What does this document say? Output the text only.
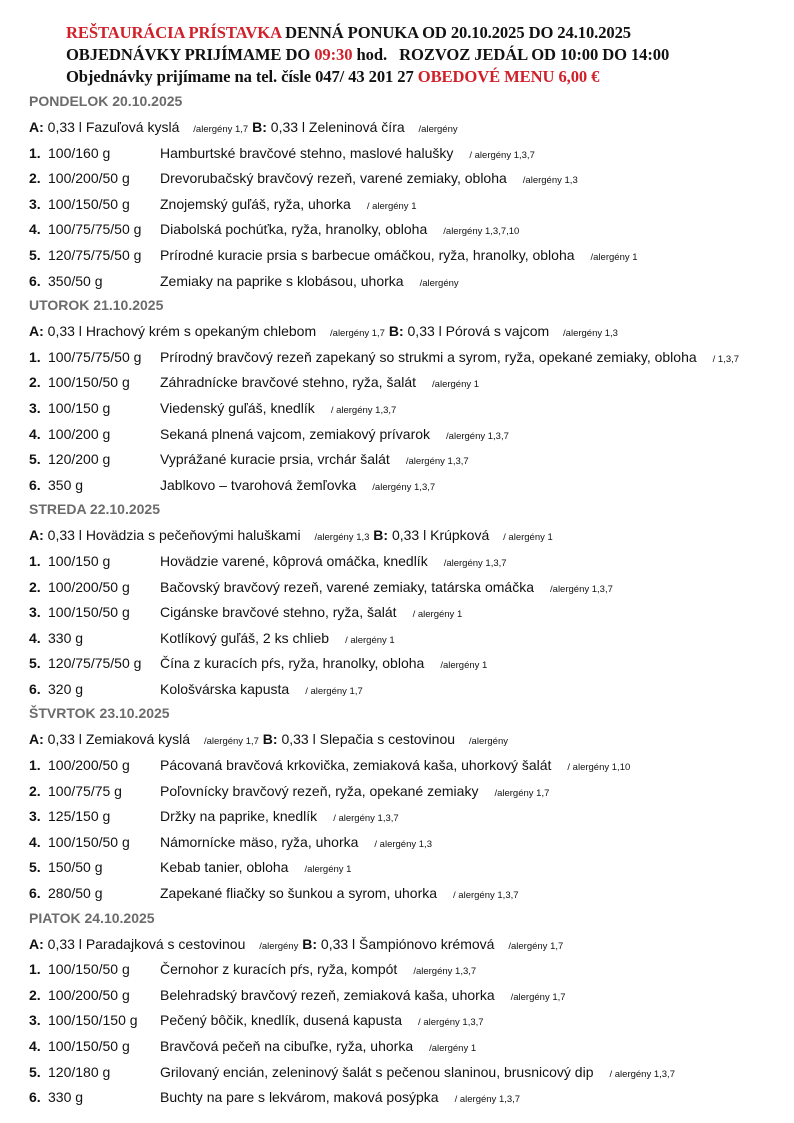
REŠTAURÁCIA PRÍSTAVKA DENNÁ PONUKA OD 20.10.2025 DO 24.10.2025
OBJEDNÁVKY PRIJÍMAME DO 09:30 hod. ROZVOZ JEDÁL OD 10:00 DO 14:00
Objednávky prijímame na tel. čísle 047/ 43 201 27 OBEDOVÉ MENU 6,00 €
PONDELOK 20.10.2025
A: 0,33 l Fazuľová kyslá /alergény 1,7 B: 0,33 l Zeleninová číra /alergény
1. 100/160 g	Hamburtské bravčové stehno, maslové halušky / alergény 1,3,7
2. 100/200/50 g Drevorubačský bravčový rezeň, varené zemiaky, obloha /alergény 1,3
3. 100/150/50 g Znojemský guľáš, ryža, uhorka / alergény 1
4. 100/75/75/50 g Diabolská pochúťka, ryža, hranolky, obloha /alergény 1,3,7,10
5. 120/75/75/50 g Prírodné kuracie prsia s barbecue omáčkou, ryža, hranolky, obloha /alergény 1
6. 350/50 g	Zemiaky na paprike s klobásou, uhorka /alergény
UTOROK 21.10.2025
A: 0,33 l Hrachový krém s opekaným chlebom /alergény 1,7 B: 0,33 l Pórová s vajcom /alergény 1,3
1. 100/75/75/50 g Prírodný bravčový rezeň zapekaný so strukmi a syrom, ryža, opekané zemiaky, obloha / 1,3,7
2. 100/150/50 g Záhradnícke bravčové stehno, ryža, šalát /alergény 1
3. 100/150 g	Viedenský guľáš, knedlík / alergény 1,3,7
4. 100/200 g	Sekaná plnená vajcom, zemiakový prívarok /alergény 1,3,7
5. 120/200 g	Vyprážané kuracie prsia, vrchár šalát /alergény 1,3,7
6. 350 g	Jablkovo – tvarohová žemľovka /alergény 1,3,7
STREDA 22.10.2025
A: 0,33 l Hovädzia s pečeňovými haluškami /alergény 1,3 B: 0,33 l Krúpková / alergény 1
1. 100/150 g	Hovädzie varené, kôprová omáčka, knedlík /alergény 1,3,7
2. 100/200/50 g Bačovský bravčový rezeň, varené zemiaky, tatárska omáčka /alergény 1,3,7
3. 100/150/50 g Cigánske bravčové stehno, ryža, šalát / alergény 1
4. 330 g	Kotlíkový guľáš, 2 ks chlieb / alergény 1
5. 120/75/75/50 g Čína z kuracích pŕs, ryža, hranolky, obloha /alergény 1
6. 320 g	Kološvárska kapusta / alergény 1,7
ŠTVRTOK 23.10.2025
A: 0,33 l Zemiaková kyslá /alergény 1,7 B: 0,33 l Slepačia s cestovinou /alergény
1. 100/200/50 g Pácovaná bravčová krkovička, zemiaková kaša, uhorkový šalát / alergény 1,10
2. 100/75/75 g	Poľovnícky bravčový rezeň, ryža, opekané zemiaky /alergény 1,7
3. 125/150 g	Držky na paprike, knedlík / alergény 1,3,7
4. 100/150/50 g Námornícke mäso, ryža, uhorka / alergény 1,3
5. 150/50 g	Kebab tanier, obloha /alergény 1
6. 280/50 g	Zapekané fliačky so šunkou a syrom, uhorka / alergény 1,3,7
PIATOK 24.10.2025
A: 0,33 l Paradajková s cestovinou /alergény B: 0,33 l Šampiónovo krémová /alergény 1,7
1. 100/150/50 g Černohor z kuracích pŕs, ryža, kompót /alergény 1,3,7
2. 100/200/50 g Belehradský bravčový rezeň, zemiaková kaša, uhorka /alergény 1,7
3. 100/150/150 g Pečený bôčik, knedlík, dusená kapusta / alergény 1,3,7
4. 100/150/50 g Bravčová pečeň na cibuľke, ryža, uhorka /alergény 1
5. 120/180 g	Grilovaný encián, zeleninový šalát s pečenou slaninou, brusnicový dip / alergény 1,3,7
6. 330 g	Buchty na pare s lekvárom, maková posýpka / alergény 1,3,7
